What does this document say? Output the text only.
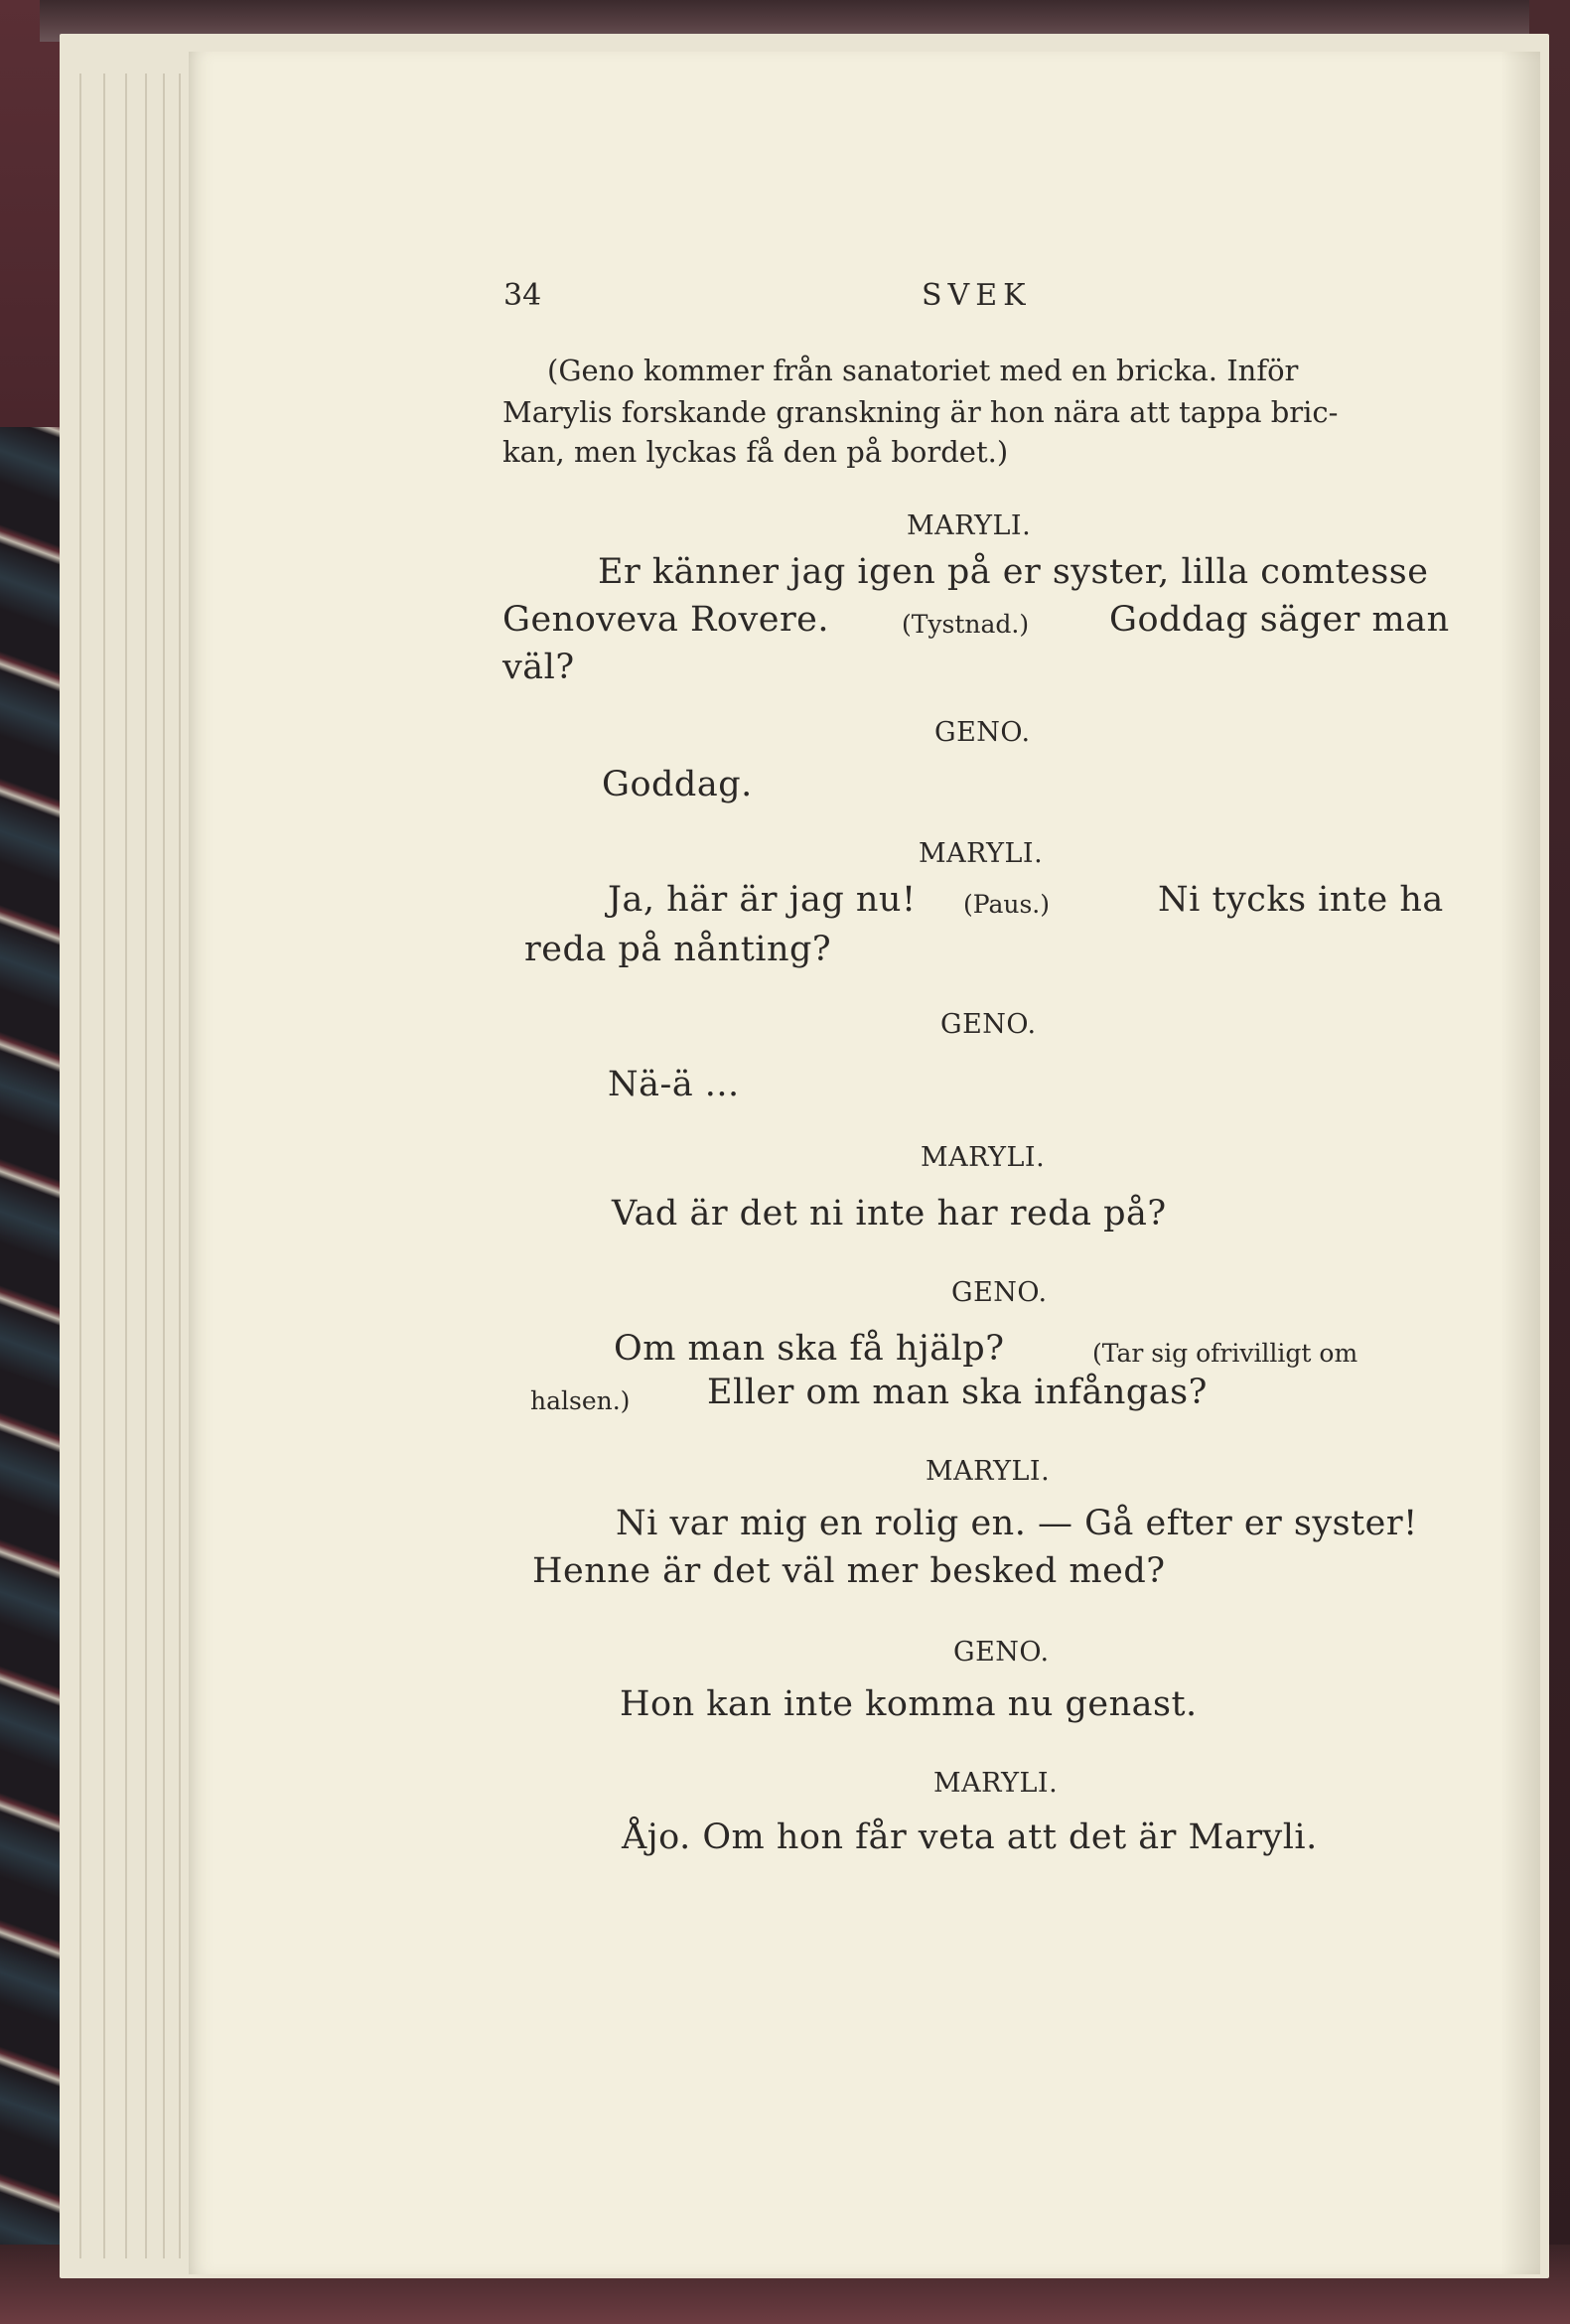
34	SVEK

(Geno kommer från sanatoriet med en bricka. Inför

Marylis forskande granskning är hon nära att tappa bric-

kan, men lyckas få den på bordet.)

MARYLI.

Er känner jag igen på er syster, lilla comtesse

Genoveva Rovere.	(Tystnad.) Goddag säger man

väl?

GENO.

Goddag.

MARYLI.

Ja, här är jag nu! (Paus.)	Ni tycks inte ha

reda på nånting?

GENO.

Nä-ä ...

MARYLI.

Vad är det ni inte har reda på?

GENO.

Om man ska få hjälp?	(Tar sig ofrivilligt om

halsen.) Eller om man ska infångas?

MARYLI.

Ni var mig en rolig en. — Gå efter er syster!

Henne är det väl mer besked med?

GENO.

Hon kan inte komma nu genast.

MARYLI.

Åjo. Om hon får veta att det är Maryli.
